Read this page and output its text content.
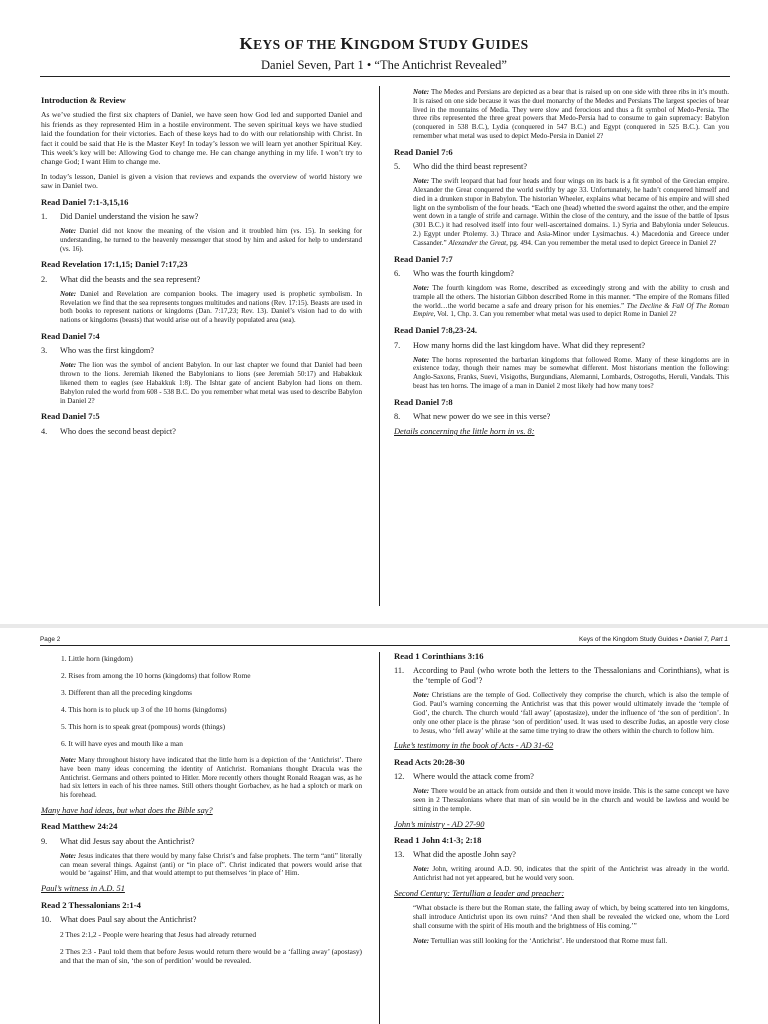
KEYS OF THE KINGDOM STUDY GUIDES
Daniel Seven, Part 1 • “The Antichrist Revealed”
Introduction & Review

As we’ve studied the first six chapters of Daniel, we have seen how God led and supported Daniel and his friends as they represented Him in a hostile environment. The seven spiritual keys we have studied laid the foundation for their victories. Each of these keys had to do with our relationship with Christ. In fact it could be said that He is the Master Key! In today’s lesson we will learn yet another Spiritual Key. This week’s key will be: Allowing God to change me. He can change anything in my life. I won’t try to change God; I want Him to change me.

In today’s lesson, Daniel is given a vision that reviews and expands the overview of world history we saw in Daniel two.

Read Daniel 7:1-3,15,16
1.	Did Daniel understand the vision he saw?
Note: Daniel did not know the meaning of the vision and it troubled him (vs. 15). In seeking for understanding, he turned to the heavenly messenger that stood by him and asked for help to understand (vs. 16).
Read Revelation 17:1,15; Daniel 7:17,23
2.	What did the beasts and the sea represent?
Note: Daniel and Revelation are companion books. The imagery used is prophetic symbolism. In Revelation we find that the sea represents tongues multitudes and nations (Rev. 17:15). Beasts are used in both books to represent nations or kingdoms (Dan. 7:17,23; Rev. 13). Daniel’s vision had to do with nations or kingdoms (beasts) that would arise out of a heavily populated area (sea).
Read Daniel 7:4
3.	Who was the first kingdom?
Note: The lion was the symbol of ancient Babylon. In our last chapter we found that Daniel had been thrown to the lions. Jeremiah likened the Babylonians to lions (see Jeremiah 50:17) and Habakkuk likened them to eagles (see Habakkuk 1:8). The Ishtar gate of ancient Babylon had lions on them. Babylon ruled the world from 608 - 538 B.C. Do you remember what metal was used to describe Babylon in Daniel 2?
Read Daniel 7:5
4.	Who does the second beast depict?
Note: The Medes and Persians are depicted as a bear that is raised up on one side with three ribs in it’s mouth. It is raised on one side because it was the duel monarchy of the Medes and Persians The largest species of bear lived in the mountains of Media. They were slow and ferocious and thus a fit symbol of Medo-Persia. The three ribs represented the three great powers that Medo-Persia had to consume to gain supremacy: Babylon (conquered in 538 B.C.), Lydia (conquered in 547 B.C.) and Egypt (conquered in 525 B.C.). Can you remember what metal was used to depict Medo-Persia in Daniel 2?
Read Daniel 7:6
5.	Who did the third beast represent?
Note: The swift leopard that had four heads and four wings on its back is a fit symbol of the Grecian empire. Alexander the Great conquered the world swiftly by age 33. Unfortunately, he hadn’t conquered himself and died in a drunken stupor in Babylon. The historian Wheeler, explains what became of his empire and will shed light on the symbolism of the four heads. “Each one (head) whetted the sword against the other, and the empire went down in a tangle of strife and carnage. Within the close of the century, and the issue of the battle of Ipsus (301 B.C.) it had resolved itself into four well-ascertained domains. 1.) Syria and Babylonia under Seleucus. 2.) Egypt under Ptolemy. 3.) Thrace and Asia-Minor under Lysimachus. 4.) Macedonia and Greece under Cassander.” Alexander the Great, pg. 494. Can you remember the metal used to depict Greece in Daniel 2?
Read Daniel 7:7
6.	Who was the fourth kingdom?
Note: The fourth kingdom was Rome, described as exceedingly strong and with the ability to crush and trample all the others. The historian Gibbon described Rome in this manner. “The empire of the Romans filled the world…the world became a safe and dreary prison for his enemies.” The Decline & Fall Of The Roman Empire, Vol. 1, Chp. 3. Can you remember what metal was used to depict Rome in Daniel 2?
Read Daniel 7:8,23-24.
7.	How many horns did the last kingdom have. What did they represent?
Note: The horns represented the barbarian kingdoms that followed Rome. Many of these kingdoms are in existence today, though their names may be somewhat different. Most historians mention the following: Anglo-Saxons, Franks, Suevi, Visigoths, Burgundians, Alemanni, Lombards, Ostrogoths, Heruli, Vandals. This beast has ten horns. The image of a man in Daniel 2 most likely had how many toes?
Read Daniel 7:8
8.	What new power do we see in this verse?
Details concerning the little horn in vs. 8:
Page 2	Keys of the Kingdom Study Guides • Daniel 7, Part 1
1. Little horn (kingdom)
2. Rises from among the 10 horns (kingdoms) that follow Rome
3. Different than all the preceding kingdoms
4. This horn is to pluck up 3 of the 10 horns (kingdoms)
5. This horn is to speak great (pompous) words (things)
6. It will have eyes and mouth like a man
Note: Many throughout history have indicated that the little horn is a depiction of the ‘Antichrist’. There have been many ideas concerning the identity of Antichrist. Romanians thought Dracula was the Antichrist. Germans and others pointed to Hitler. More recently others thought Ronald Reagan was, as he had six letters in each of his three names. Still others thought Gorbachev, as he had a splotch or mark on his forehead.
Many have had ideas, but what does the Bible say?
Read Matthew 24:24
9.	What did Jesus say about the Antichrist?
Note: Jesus indicates that there would by many false Christ’s and false prophets. The term “anti” literally can mean several things. Against (anti) or “in place of”. Christ indicated that powers would arise that would be ‘against’ Him, and that would attempt to put themselves ‘in place of’ Him.
Paul’s witness in A.D. 51
Read 2 Thessalonians 2:1-4
10.	What does Paul say about the Antichrist?
2 Thes 2:1,2 - People were hearing that Jesus had already returned
2 Thes 2:3 - Paul told them that before Jesus would return there would be a ‘falling away’ (apostasy) and that the man of sin, ‘the son of perdition’ would be revealed.
Read 1 Corinthians 3:16
11.	According to Paul (who wrote both the letters to the Thessalonians and Corinthians), what is the ‘temple of God’?
Note: Christians are the temple of God. Collectively they comprise the church, which is also the temple of God. Paul’s warning concerning the Antichrist was that this power would ultimately invade the ‘temple of God’, the church. The church would ‘fall away’ (apostasize), under the influence of ‘the son of perdition’. In only one other place is the phrase ‘son of perdition’ used. It was used to describe Judas, an apostle very close to Jesus, who ‘fell away’ while at the same time trying to draw the others within the church to follow him.
Luke’s testimony in the book of Acts - AD 31-62
Read Acts 20:28-30
12.	Where would the attack come from?
Note: There would be an attack from outside and then it would move inside. This is the same concept we have seen in 2 Thessalonians where that man of sin would be in the church and would be lawless and would be sitting in the temple.
John’s ministry - AD 27-90
Read 1 John 4:1-3; 2:18
13.	What did the apostle John say?
Note: John, writing around A.D. 90, indicates that the spirit of the Antichrist was already in the world. Antichrist had not yet appeared, but he would very soon.
Second Century: Tertullian a leader and preacher:
“What obstacle is there but the Roman state, the falling away of which, by being scattered into ten kingdoms, shall introduce Antichrist upon its own ruins? ‘And then shall be revealed the wicked one, whom the Lord shall consume with the spirit of His mouth and the brightness of His coming.’”
Note: Tertullian was still looking for the ‘Antichrist’. He understood that Rome must fall.
